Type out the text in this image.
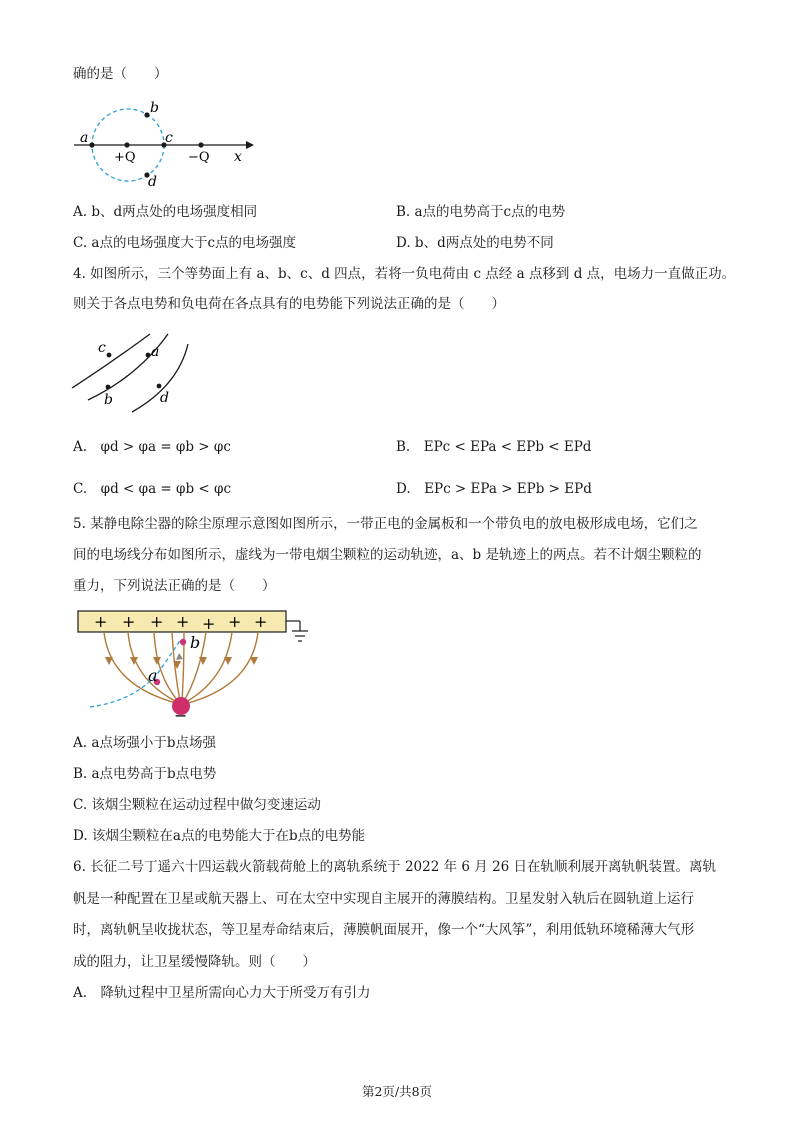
确的是（　　）
a
b
c
d
+Q	−Q x
A. b、d两点处的电场强度相同	B. a点的电势高于c点的电势
C. a点的电场强度大于c点的电场强度	D. b、d两点处的电势不同
4. 如图所示，三个等势面上有 a、b、c、d 四点，若将一负电荷由 c 点经 a 点移到 d 点，电场力一直做正功。
则关于各点电势和负电荷在各点具有的电势能下列说法正确的是（　　）
c	a
b	d
A.　φd > φa = φb > φc	B.　EPc < EPa < EPb < EPd
C.　φd < φa = φb < φc	D.　EPc > EPa > EPb > EPd
5. 某静电除尘器的除尘原理示意图如图所示，一带正电的金属板和一个带负电的放电极形成电场，它们之
间的电场线分布如图所示，虚线为一带电烟尘颗粒的运动轨迹，a、b 是轨迹上的两点。若不计烟尘颗粒的
重力，下列说法正确的是（　　）
+ + + + + + +
a
b
−
A. a点场强小于b点场强
B. a点电势高于b点电势
C. 该烟尘颗粒在运动过程中做匀变速运动
D. 该烟尘颗粒在a点的电势能大于在b点的电势能
6. 长征二号丁遥六十四运载火箭载荷舱上的离轨系统于 2022 年 6 月 26 日在轨顺利展开离轨帆装置。离轨
帆是一种配置在卫星或航天器上、可在太空中实现自主展开的薄膜结构。卫星发射入轨后在圆轨道上运行
时，离轨帆呈收拢状态，等卫星寿命结束后，薄膜帆面展开，像一个“大风筝”，利用低轨环境稀薄大气形
成的阻力，让卫星缓慢降轨。则（　　）
A.　降轨过程中卫星所需向心力大于所受万有引力
第2页/共8页
